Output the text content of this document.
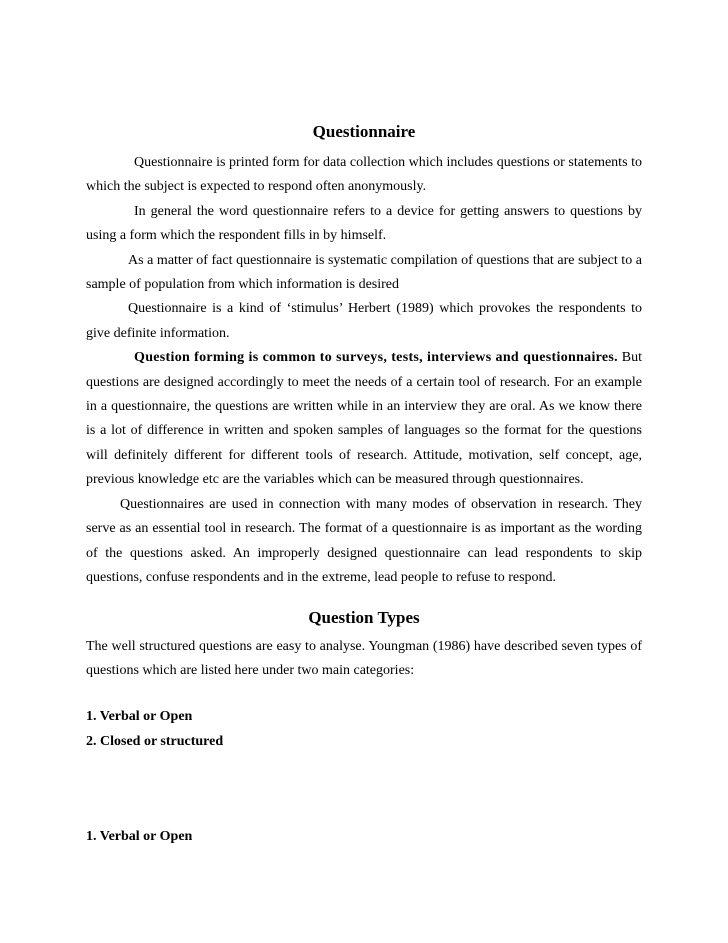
Questionnaire

Questionnaire is printed form for data collection which includes questions or statements to which the subject is expected to respond often anonymously.

In general the word questionnaire refers to a device for getting answers to questions by using a form which the respondent fills in by himself.

As a matter of fact questionnaire is systematic compilation of questions that are subject to a sample of population from which information is desired

Questionnaire is a kind of ‘stimulus’ Herbert (1989) which provokes the respondents to give definite information.

Question forming is common to surveys, tests, interviews and questionnaires. But questions are designed accordingly to meet the needs of a certain tool of research. For an example in a questionnaire, the questions are written while in an interview they are oral. As we know there is a lot of difference in written and spoken samples of languages so the format for the questions will definitely different for different tools of research. Attitude, motivation, self concept, age, previous knowledge etc are the variables which can be measured through questionnaires.

Questionnaires are used in connection with many modes of observation in research. They serve as an essential tool in research. The format of a questionnaire is as important as the wording of the questions asked. An improperly designed questionnaire can lead respondents to skip questions, confuse respondents and in the extreme, lead people to refuse to respond.

Question Types

The well structured questions are easy to analyse. Youngman (1986) have described seven types of questions which are listed here under two main categories:

1. Verbal or Open

2. Closed or structured

1. Verbal or Open
